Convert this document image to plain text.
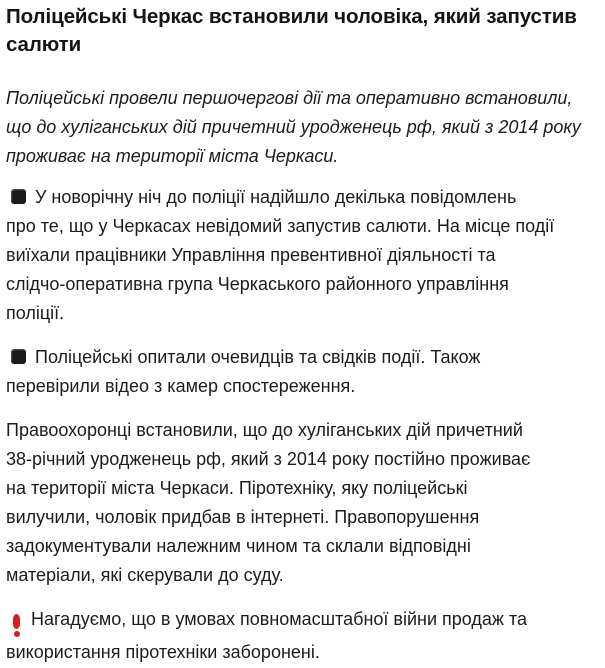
Поліцейські Черкас встановили чоловіка, який запустив
салюти

Поліцейські провели першочергові дії та оперативно встановили,
що до хуліганських дій причетний уродженець рф, який з 2014 року
проживає на території міста Черкаси.

У новорічну ніч до поліції надійшло декілька повідомлень
про те, що у Черкасах невідомий запустив салюти. На місце події
виїхали працівники Управління превентивної діяльності та
слідчо-оперативна група Черкаського районного управління
поліції.

Поліцейські опитали очевидців та свідків події. Також
перевірили відео з камер спостереження.

Правоохоронці встановили, що до хуліганських дій причетний
38-річний уродженець рф, який з 2014 року постійно проживає
на території міста Черкаси. Піротехніку, яку поліцейські
вилучили, чоловік придбав в інтернеті. Правопорушення
задокументували належним чином та склали відповідні
матеріали, які скерували до суду.

Нагадуємо, що в умовах повномасштабної війни продаж та
використання піротехніки заборонені.
